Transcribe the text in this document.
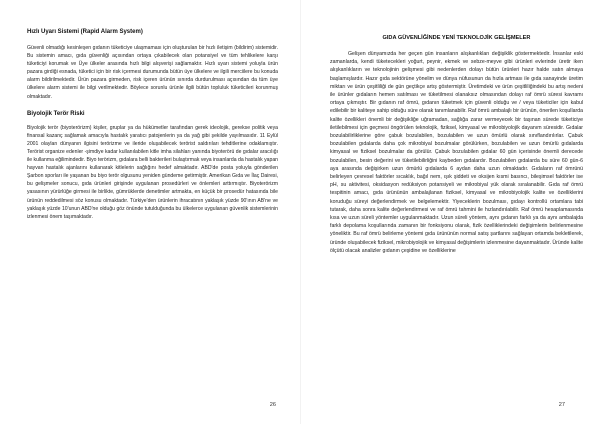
Hızlı Uyarı Sistemi (Rapid Alarm System)

Güvenli olmadığı kesinleşen gıdanın tüketiciye ulaşmaması için oluşturulan bir hızlı iletişim (bildirim) sistemidir. Bu sistemin amacı, gıda güvenliği açısından ortaya çıkabilecek olan potansiyel ve tüm tehlikelere karşı tüketiciyi korumak ve Üye ülkeler arasında hızlı bilgi alışverişi sağlamaktır. Hızlı uyarı sistemi yoluyla ürün pazara girdiği esnada, tüketici için bir risk içermesi durumunda bütün üye ülkelere ve ilgili merciilere bu konuda alarm bildirilmektedir. Ürün pazara girmeden, risk içeren ürünün sınırda durdurulması açısından da tüm üye ülkelere alarm sistemi ile bilgi verilmektedir. Böylece sorunlu ürünle ilgili bütün topluluk tüketicileri korunmuş olmaktadır.

Biyolojik Terör Riski

Biyolojik terör (biyoterörizm) kişiler, gruplar ya da hükümetler tarafından gerek ideolojik, gerekse politik veya finansal kazanç sağlamak amacıyla hastalık yaratıcı patojenlerin ya da yağ gibi şekilde yayılmasıdır. 11 Eylül 2001 olayları dünyanın ilgisini terörizme ve ileride oluşabilecek terörist saldırıları tehditlerine odaklamıştır. Terörist organize edenler -şimdiye kadar kullanılabilen kitle imha silahları yanında biyoterörü de gıdalar aracılığı ile kullanma eğilimindedir. Biyo terörizm, gıdalara belli bakterileri bulaştırmak veya insanlarda da hastalık yapan hayvan hastalık ajanlarını kullanarak kitlelerin sağlığını hedef almaktadır. ABD'de posta yoluyla gönderilen Şarbon sporları ile yaşanan bu biyo terör olgusunu yeniden gündeme getirmiştir. Amerikan Gıda ve İlaç Dairesi, bu gelişmeler sonucu, gıda ürünleri girişinde uygulanan prosedürleri ve önlemleri arttırmıştır. Biyoterörizm yasasının yürürlüğe girmesi ile birlikte, gümrüklerde denetimler artmakta, en küçük bir prosedür hatasında bile ürünün reddedilmesi söz konusu olmaktadır. Türkiye'den ürünlerin ihracatının yaklaşık yüzde 90'ının AB'ne ve yaklaşık yüzde 10'unun ABD'ne olduğu göz önünde tutulduğunda bu ülkelerce uygulanan güvenlik sistemlerinin izlenmesi önem taşımaktadır.

26
GIDA GÜVENLİĞİNDE YENİ TEKNOLOJİK GELİŞMELER

Gelişen dünyamızda her geçen gün insanların alışkanlıkları değişiklik göstermektedir. İnsanlar eski zamanlarda, kendi tüketecekleri yoğurt, peynir, ekmek ve sebze-meyve gibi ürünleri evlerinde üretir iken alışkanlıkların ve teknolojinin gelişmesi gibi nedenlerden dolayı bütün ürünleri hazır halde satın almaya başlamışlardır. Hazır gıda sektörüne yönelim ve dünya nüfusunun da hızla artması ile gıda sanayinde üretim miktarı ve ürün çeşitliliği de gün geçtikçe artış göstermiştir. Üretimdeki ve ürün çeşitliliğindeki bu artış nedeni ile ürünler gıdaların hemen satılması ve tüketilmesi olanaksız olmasından dolayı raf ömrü süresi kavramı ortaya çıkmıştır. Bir gıdanın raf ömrü, gıdanın tüketmek için güvenli olduğu ve / veya tüketiciler için kabul edilebilir bir kaliteye sahip olduğu süre olarak tanımlanabilir. Raf ömrü ambalajlı bir ürünün, önerilen koşullarda kalite özellikleri önemli bir değişikliğe uğramadan, sağlığa zarar vermeyecek bir taşınan sürede tüketiciye iletilebilmesi için geçmesi öngörülen teknolojik, fiziksel, kimyasal ve mikrobiyolojik dayanım süresidir. Gıdalar bozulabilirliklerine göre çabuk bozulabilen, bozulabilen ve uzun ömürlü olarak sınıflandırılırlar. Çabuk bozulabilen gıdalarda daha çok mikrobiyal bozulmalar görülürken, bozulabilen ve uzun ömürlü gıdalarda kimyasal ve fiziksel bozulmalar da görülür. Çabuk bozulabilen gıdalar 60 gün içerisinde önemli derecede bozulabilen, besin değerini ve tüketilebilirliğini kaybeden gıdalardır. Bozulabilen gıdalarda bu süre 60 gün-6 aya arasında değişirken uzun ömürlü gıdalarda 6 aydan daha uzun olmaktadır. Gıdaların raf ömrünü belirleyen çevresel faktörler sıcaklık, bağıl nem, ışık şiddeti ve oksijen kısmi basıncı, bileşimsel faktörler ise pH, su aktivitesi, oksidasyon redüksiyon potansiyeli ve mikrobiyal yük olarak sıralanabilir. Gıda raf ömrü tespitinin amacı, gıda ürününün ambalajlanan fiziksel, kimyasal ve mikrobiyolojik kalite ve özelliklerini koruduğu süreyi değerlendirmek ve belgelemektir. Yiyeceklerin bozulması, gıdayı kontrollü ortamlara tabi tutarak, daha sonra kalite değerlendirmesi ve raf ömrü tahmini ile hızlandırılabilir. Raf ömrü hesaplamasında kısa ve uzun süreli yöntemler uygulanmaktadır. Uzun süreli yöntem, aynı gıdanın farklı ya da aynı ambalajda farklı depolama koşullarında zamanın bir fonksiyonu olarak, fizik özelliklerindeki değişimlerin belirlenmesine yöneliktir. Bu raf ömrü belirleme yöntemi gıda ürününün normal satış şartlarını sağlayan ortamda bekletilerek, üründe oluşabilecek fiziksel, mikrobiyolojik ve kimyasal değişimlerin izlenmesine dayanmaktadır. Üründe kalite ölçütü olacak analizler gıdanın çeşidine ve özelliklerine

27
